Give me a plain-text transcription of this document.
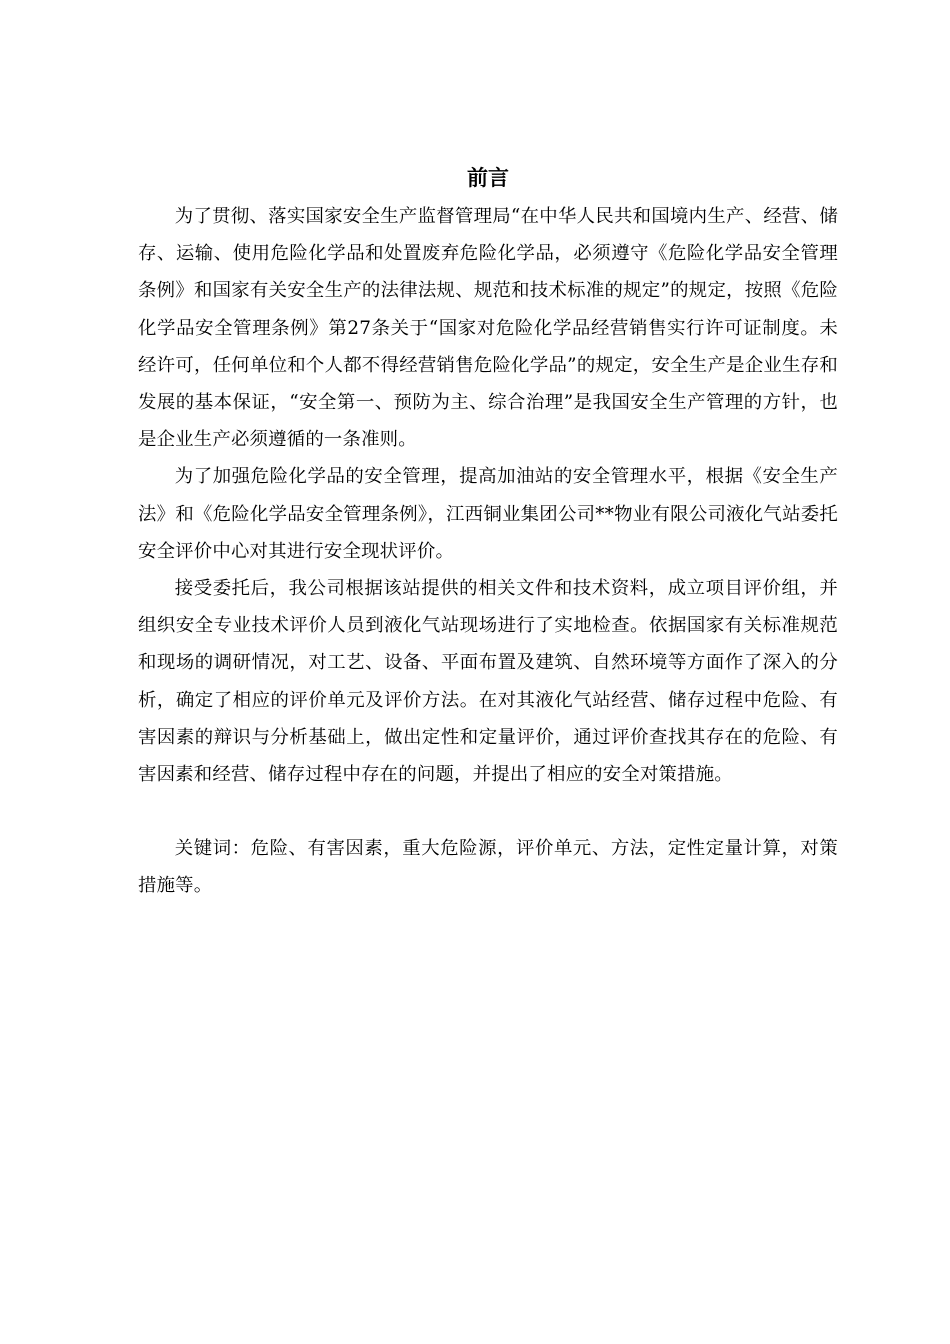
前言

为了贯彻、落实国家安全生产监督管理局“在中华人民共和国境内生产、经营、储存、运输、使用危险化学品和处置废弃危险化学品，必须遵守《危险化学品安全管理条例》和国家有关安全生产的法律法规、规范和技术标准的规定”的规定，按照《危险化学品安全管理条例》第27条关于“国家对危险化学品经营销售实行许可证制度。未经许可，任何单位和个人都不得经营销售危险化学品”的规定，安全生产是企业生存和发展的基本保证，“安全第一、预防为主、综合治理”是我国安全生产管理的方针，也是企业生产必须遵循的一条准则。

为了加强危险化学品的安全管理，提高加油站的安全管理水平，根据《安全生产法》和《危险化学品安全管理条例》，江西铜业集团公司**物业有限公司液化气站委托安全评价中心对其进行安全现状评价。

接受委托后，我公司根据该站提供的相关文件和技术资料，成立项目评价组，并组织安全专业技术评价人员到液化气站现场进行了实地检查。依据国家有关标准规范和现场的调研情况，对工艺、设备、平面布置及建筑、自然环境等方面作了深入的分析，确定了相应的评价单元及评价方法。在对其液化气站经营、储存过程中危险、有害因素的辩识与分析基础上，做出定性和定量评价，通过评价查找其存在的危险、有害因素和经营、储存过程中存在的问题，并提出了相应的安全对策措施。

关键词：危险、有害因素，重大危险源，评价单元、方法，定性定量计算，对策措施等。
